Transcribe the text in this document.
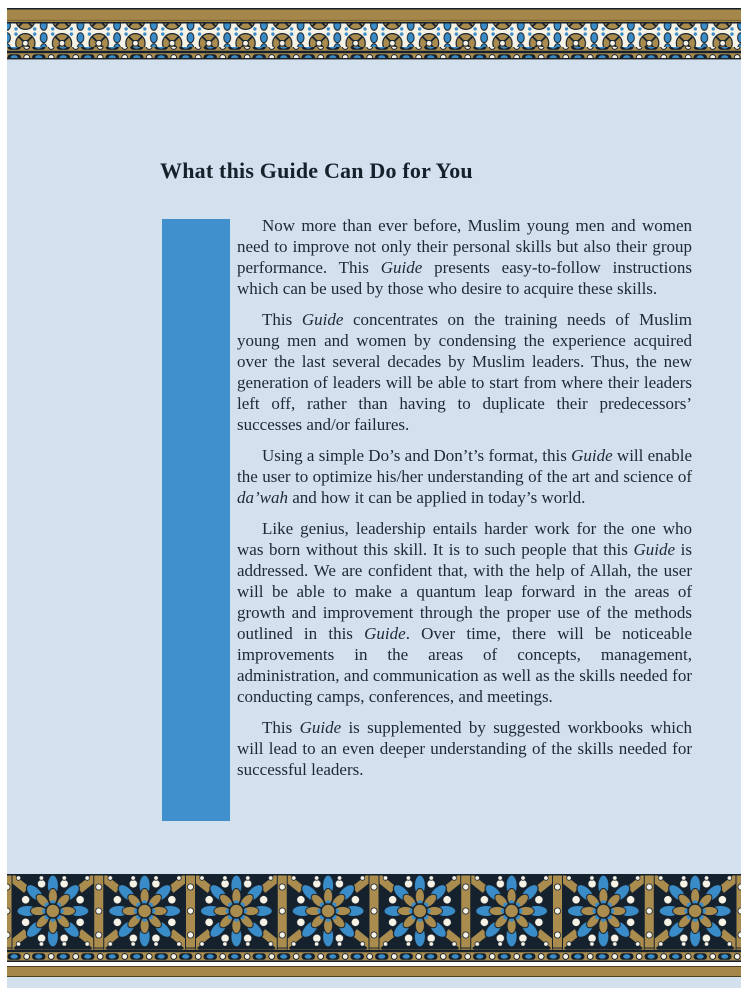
What this Guide Can Do for You

Now more than ever before, Muslim young men and women need to improve not only their personal skills but also their group performance. This Guide presents easy-to-follow instructions which can be used by those who desire to acquire these skills.

This Guide concentrates on the training needs of Muslim young men and women by condensing the experience acquired over the last several decades by Muslim leaders. Thus, the new generation of leaders will be able to start from where their leaders left off, rather than having to duplicate their predecessors’ successes and/or failures.

Using a simple Do’s and Don’t’s format, this Guide will enable the user to optimize his/her understanding of the art and science of da’wah and how it can be applied in today’s world.

Like genius, leadership entails harder work for the one who was born without this skill. It is to such people that this Guide is addressed. We are confident that, with the help of Allah, the user will be able to make a quantum leap forward in the areas of growth and improvement through the proper use of the methods outlined in this Guide. Over time, there will be noticeable improvements in the areas of concepts, management, administration, and communication as well as the skills needed for conducting camps, conferences, and meetings.

This Guide is supplemented by suggested workbooks which will lead to an even deeper understanding of the skills needed for successful leaders.
